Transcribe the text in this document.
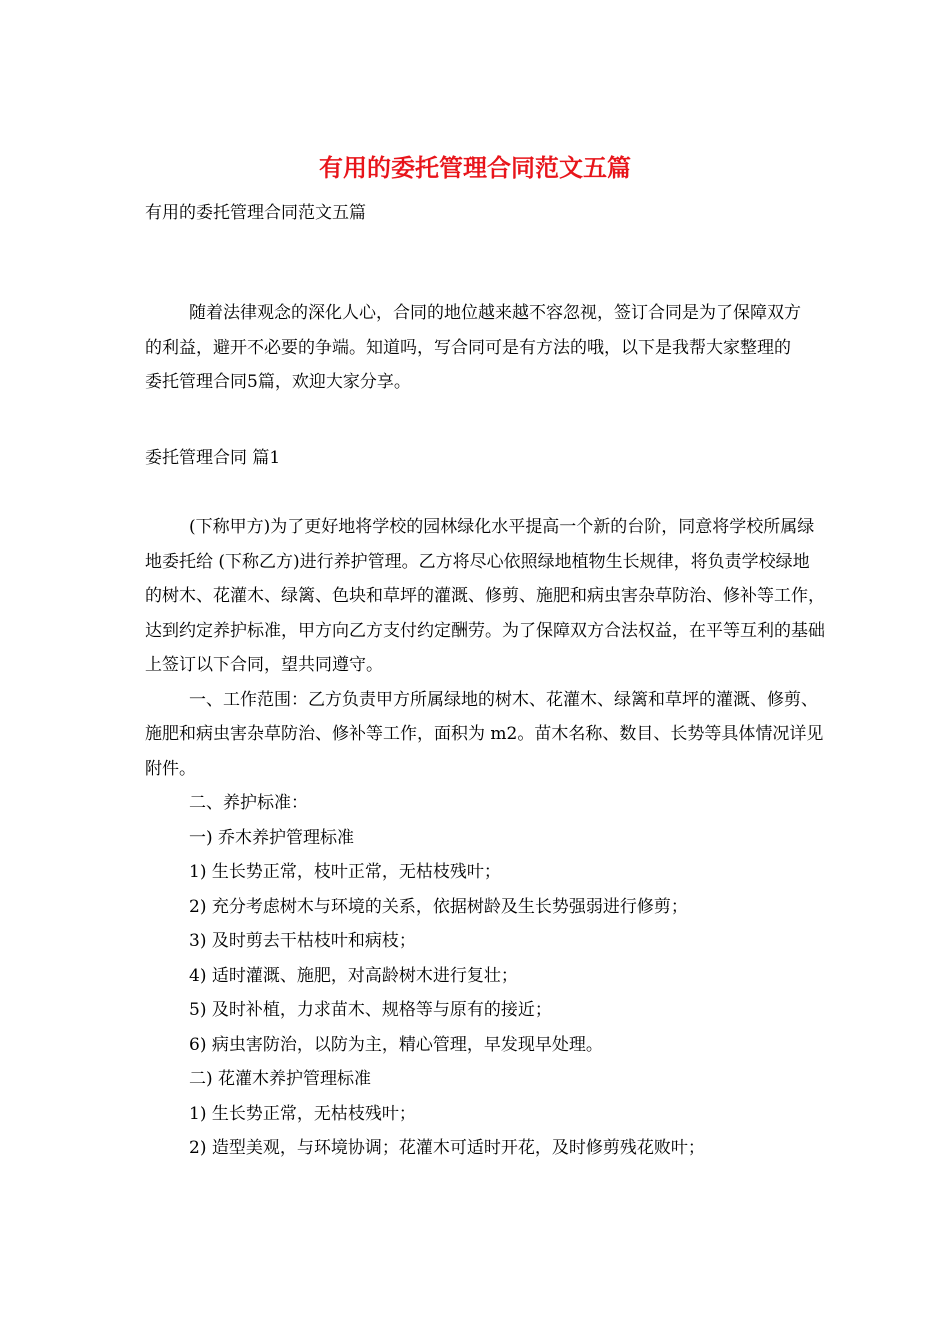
有用的委托管理合同范文五篇
有用的委托管理合同范文五篇

随着法律观念的深化人心，合同的地位越来越不容忽视，签订合同是为了保障双方的利益，避开不必要的争端。知道吗，写合同可是有方法的哦，以下是我帮大家整理的委托管理合同5篇，欢迎大家分享。

委托管理合同 篇1

(下称甲方)为了更好地将学校的园林绿化水平提高一个新的台阶，同意将学校所属绿地委托给 (下称乙方)进行养护管理。乙方将尽心依照绿地植物生长规律，将负责学校绿地的树木、花灌木、绿篱、色块和草坪的灌溉、修剪、施肥和病虫害杂草防治、修补等工作，达到约定养护标准，甲方向乙方支付约定酬劳。为了保障双方合法权益，在平等互利的基础上签订以下合同，望共同遵守。

一、工作范围：乙方负责甲方所属绿地的树木、花灌木、绿篱和草坪的灌溉、修剪、施肥和病虫害杂草防治、修补等工作，面积为 m2。苗木名称、数目、长势等具体情况详见附件。

二、养护标准：

一) 乔木养护管理标准

1) 生长势正常，枝叶正常，无枯枝残叶；

2) 充分考虑树木与环境的关系，依据树龄及生长势强弱进行修剪；

3) 及时剪去干枯枝叶和病枝；

4) 适时灌溉、施肥，对高龄树木进行复壮；

5) 及时补植，力求苗木、规格等与原有的接近；

6) 病虫害防治，以防为主，精心管理，早发现早处理。

二) 花灌木养护管理标准

1) 生长势正常，无枯枝残叶；

2) 造型美观，与环境协调；花灌木可适时开花，及时修剪残花败叶；
